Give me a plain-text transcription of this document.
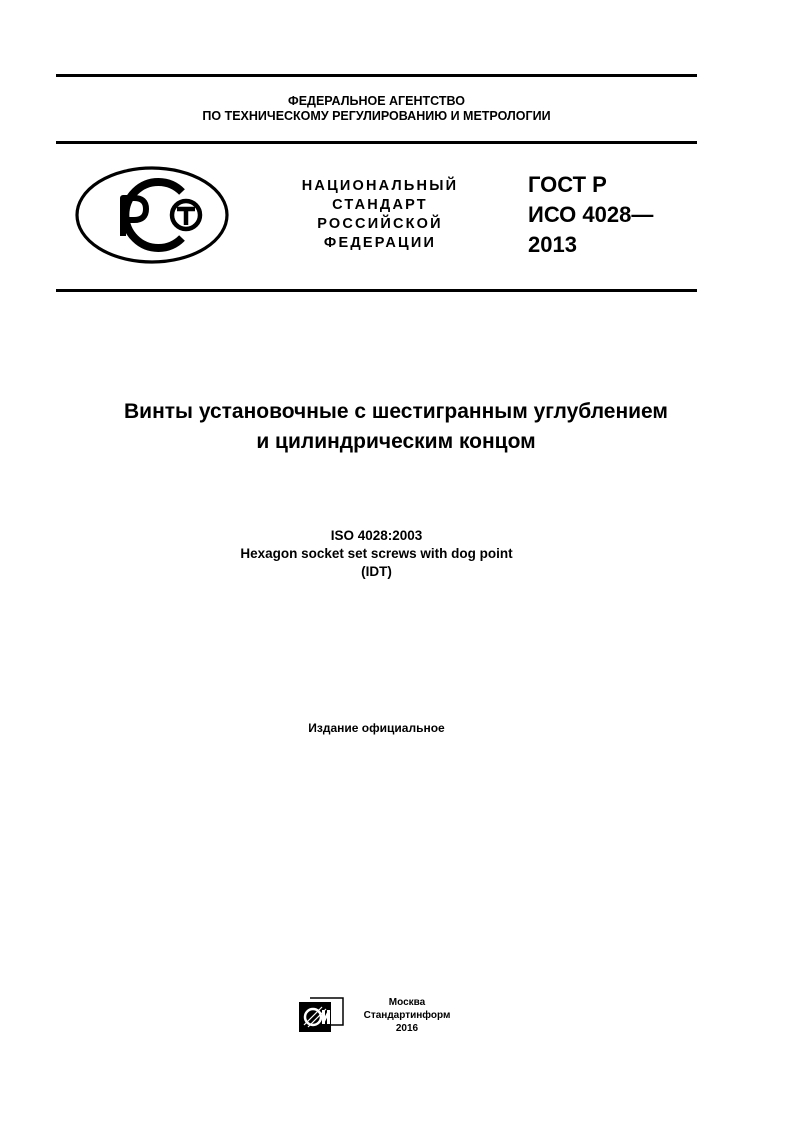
ФЕДЕРАЛЬНОЕ АГЕНТСТВО
ПО ТЕХНИЧЕСКОМУ РЕГУЛИРОВАНИЮ И МЕТРОЛОГИИ
НАЦИОНАЛЬНЫЙ
СТАНДАРТ
РОССИЙСКОЙ
ФЕДЕРАЦИИ
ГОСТ Р
ИСО 4028—
2013
Винты установочные с шестигранным углублением
и цилиндрическим концом
ISO 4028:2003
Hexagon socket set screws with dog point
(IDT)
Издание официальное
Москва
Стандартинформ
2016
